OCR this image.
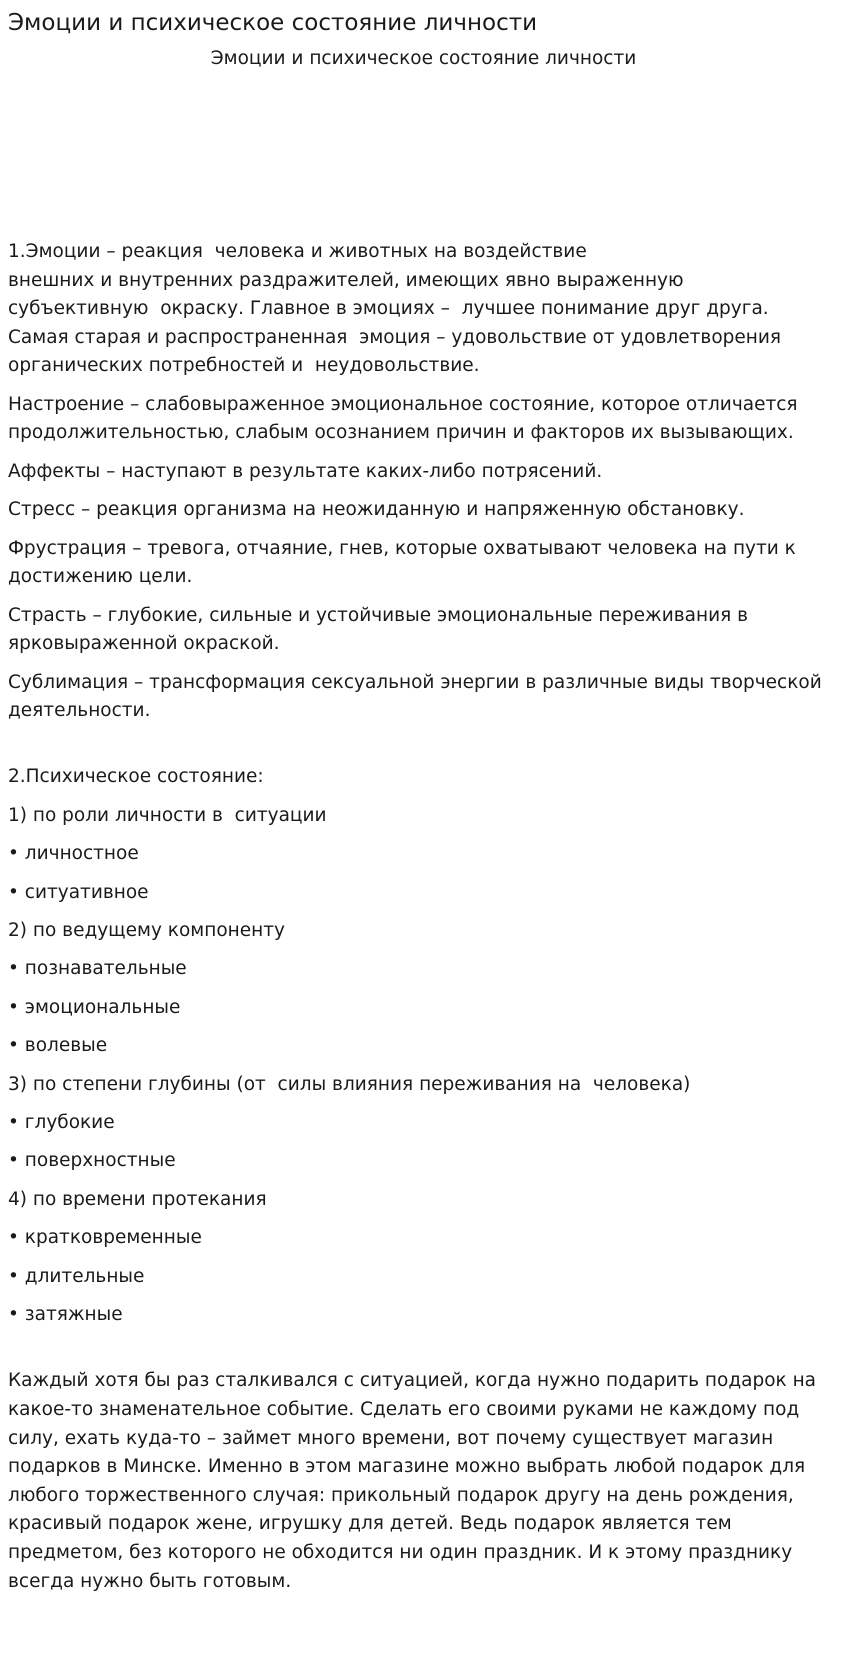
Эмоции и психическое состояние личности
Эмоции и психическое состояние личности

1.Эмоции – реакция  человека и животных на воздействие
внешних и внутренних раздражителей, имеющих явно выраженную
субъективную  окраску. Главное в эмоциях –  лучшее понимание друг друга.
Самая старая и распространенная  эмоция – удовольствие от удовлетворения
органических потребностей и  неудовольствие.

Настроение – слабовыраженное эмоциональное состояние, которое отличается продолжительностью, слабым осознанием причин и факторов их вызывающих.

Аффекты – наступают в результате каких-либо потрясений.

Стресс – реакция организма на неожиданную и напряженную обстановку.

Фрустрация – тревога, отчаяние, гнев, которые охватывают человека на пути к достижению цели.

Страсть – глубокие, сильные и устойчивые эмоциональные переживания в ярковыраженной окраской.

Сублимация – трансформация сексуальной энергии в различные виды творческой деятельности.

2.Психическое состояние:

1) по роли личности в  ситуации

• личностное

• ситуативное

2) по ведущему компоненту

• познавательные

• эмоциональные

• волевые

3) по степени глубины (от  силы влияния переживания на  человека)

• глубокие

• поверхностные

4) по времени протекания

• кратковременные

• длительные

• затяжные

Каждый хотя бы раз сталкивался с ситуацией, когда нужно подарить подарок на какое-то знаменательное событие. Сделать его своими руками не каждому под силу, ехать куда-то – займет много времени, вот почему существует магазин подарков в Минске. Именно в этом магазине можно выбрать любой подарок для любого торжественного случая: прикольный подарок другу на день рождения, красивый подарок жене, игрушку для детей. Ведь подарок является тем предметом, без которого не обходится ни один праздник. И к этому празднику всегда нужно быть готовым.
